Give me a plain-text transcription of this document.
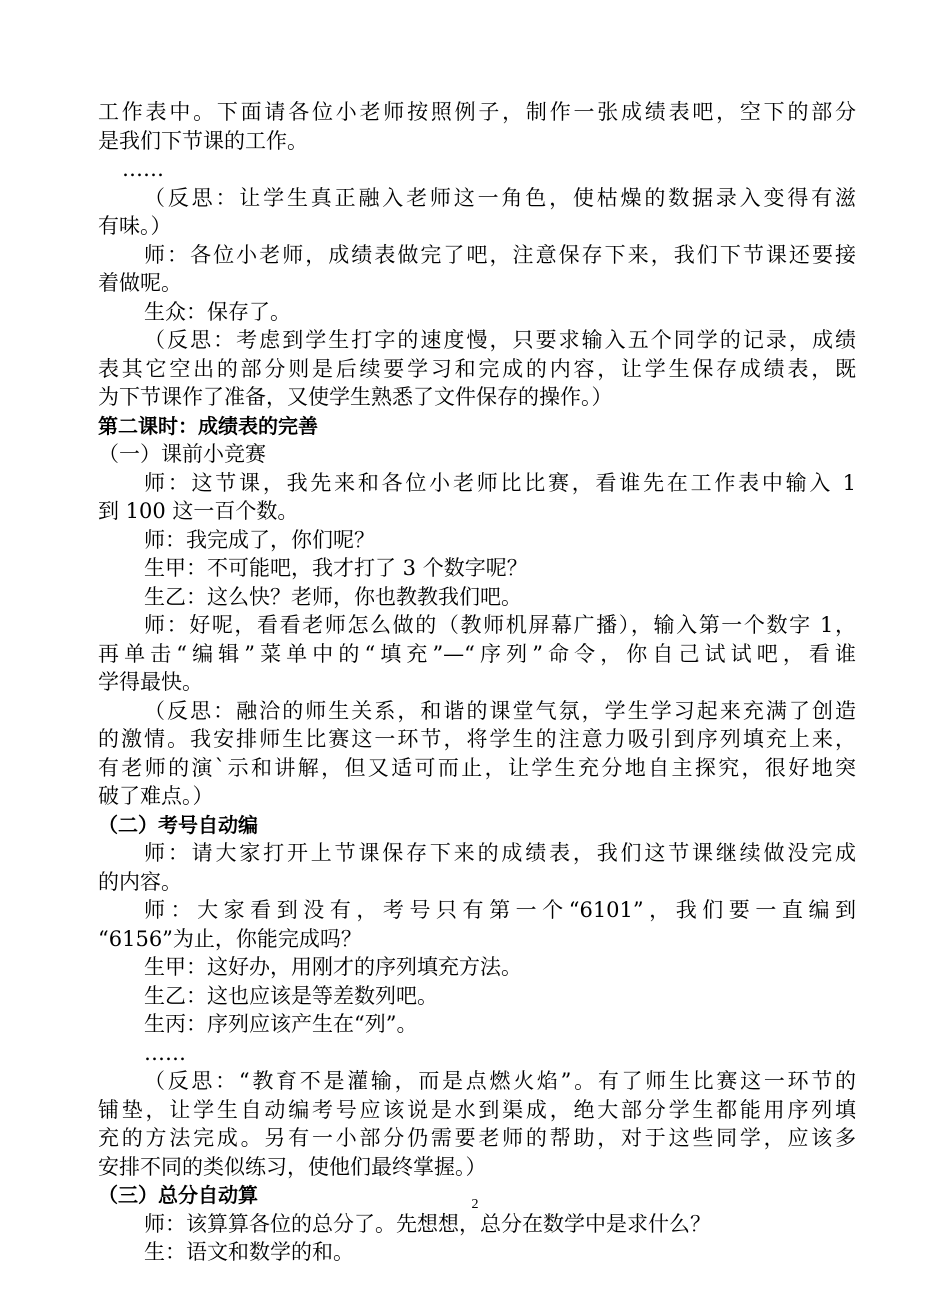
工作表中。下面请各位小老师按照例子，制作一张成绩表吧，空下的部分
是我们下节课的工作。
……
（反思：让学生真正融入老师这一角色，使枯燥的数据录入变得有滋
有味。）
师：各位小老师，成绩表做完了吧，注意保存下来，我们下节课还要接
着做呢。
生众：保存了。
（反思：考虑到学生打字的速度慢，只要求输入五个同学的记录，成绩
表其它空出的部分则是后续要学习和完成的内容，让学生保存成绩表，既
为下节课作了准备，又使学生熟悉了文件保存的操作。）
第二课时：成绩表的完善
（一）课前小竞赛
师：这节课，我先来和各位小老师比比赛，看谁先在工作表中输入 1
到 100 这一百个数。
师：我完成了，你们呢？
生甲：不可能吧，我才打了 3 个数字呢？
生乙：这么快？老师，你也教教我们吧。
师：好呢，看看老师怎么做的（教师机屏幕广播），输入第一个数字 1，
再单击“编辑”菜单中的“填充”—“序列”命令，你自己试试吧，看谁
学得最快。
（反思：融洽的师生关系，和谐的课堂气氛，学生学习起来充满了创造
的激情。我安排师生比赛这一环节，将学生的注意力吸引到序列填充上来，
有老师的演`示和讲解，但又适可而止，让学生充分地自主探究，很好地突
破了难点。）
（二）考号自动编
师：请大家打开上节课保存下来的成绩表，我们这节课继续做没完成
的内容。
师：大家看到没有，考号只有第一个“6101”，我们要一直编到
“6156”为止，你能完成吗？
生甲：这好办，用刚才的序列填充方法。
生乙：这也应该是等差数列吧。
生丙：序列应该产生在“列”。
……
（反思：“教育不是灌输，而是点燃火焰”。有了师生比赛这一环节的
铺垫，让学生自动编考号应该说是水到渠成，绝大部分学生都能用序列填
充的方法完成。另有一小部分仍需要老师的帮助，对于这些同学，应该多
安排不同的类似练习，使他们最终掌握。）
（三）总分自动算
师：该算算各位的总分了。先想想，总分在数学中是求什么？
生：语文和数学的和。
2
